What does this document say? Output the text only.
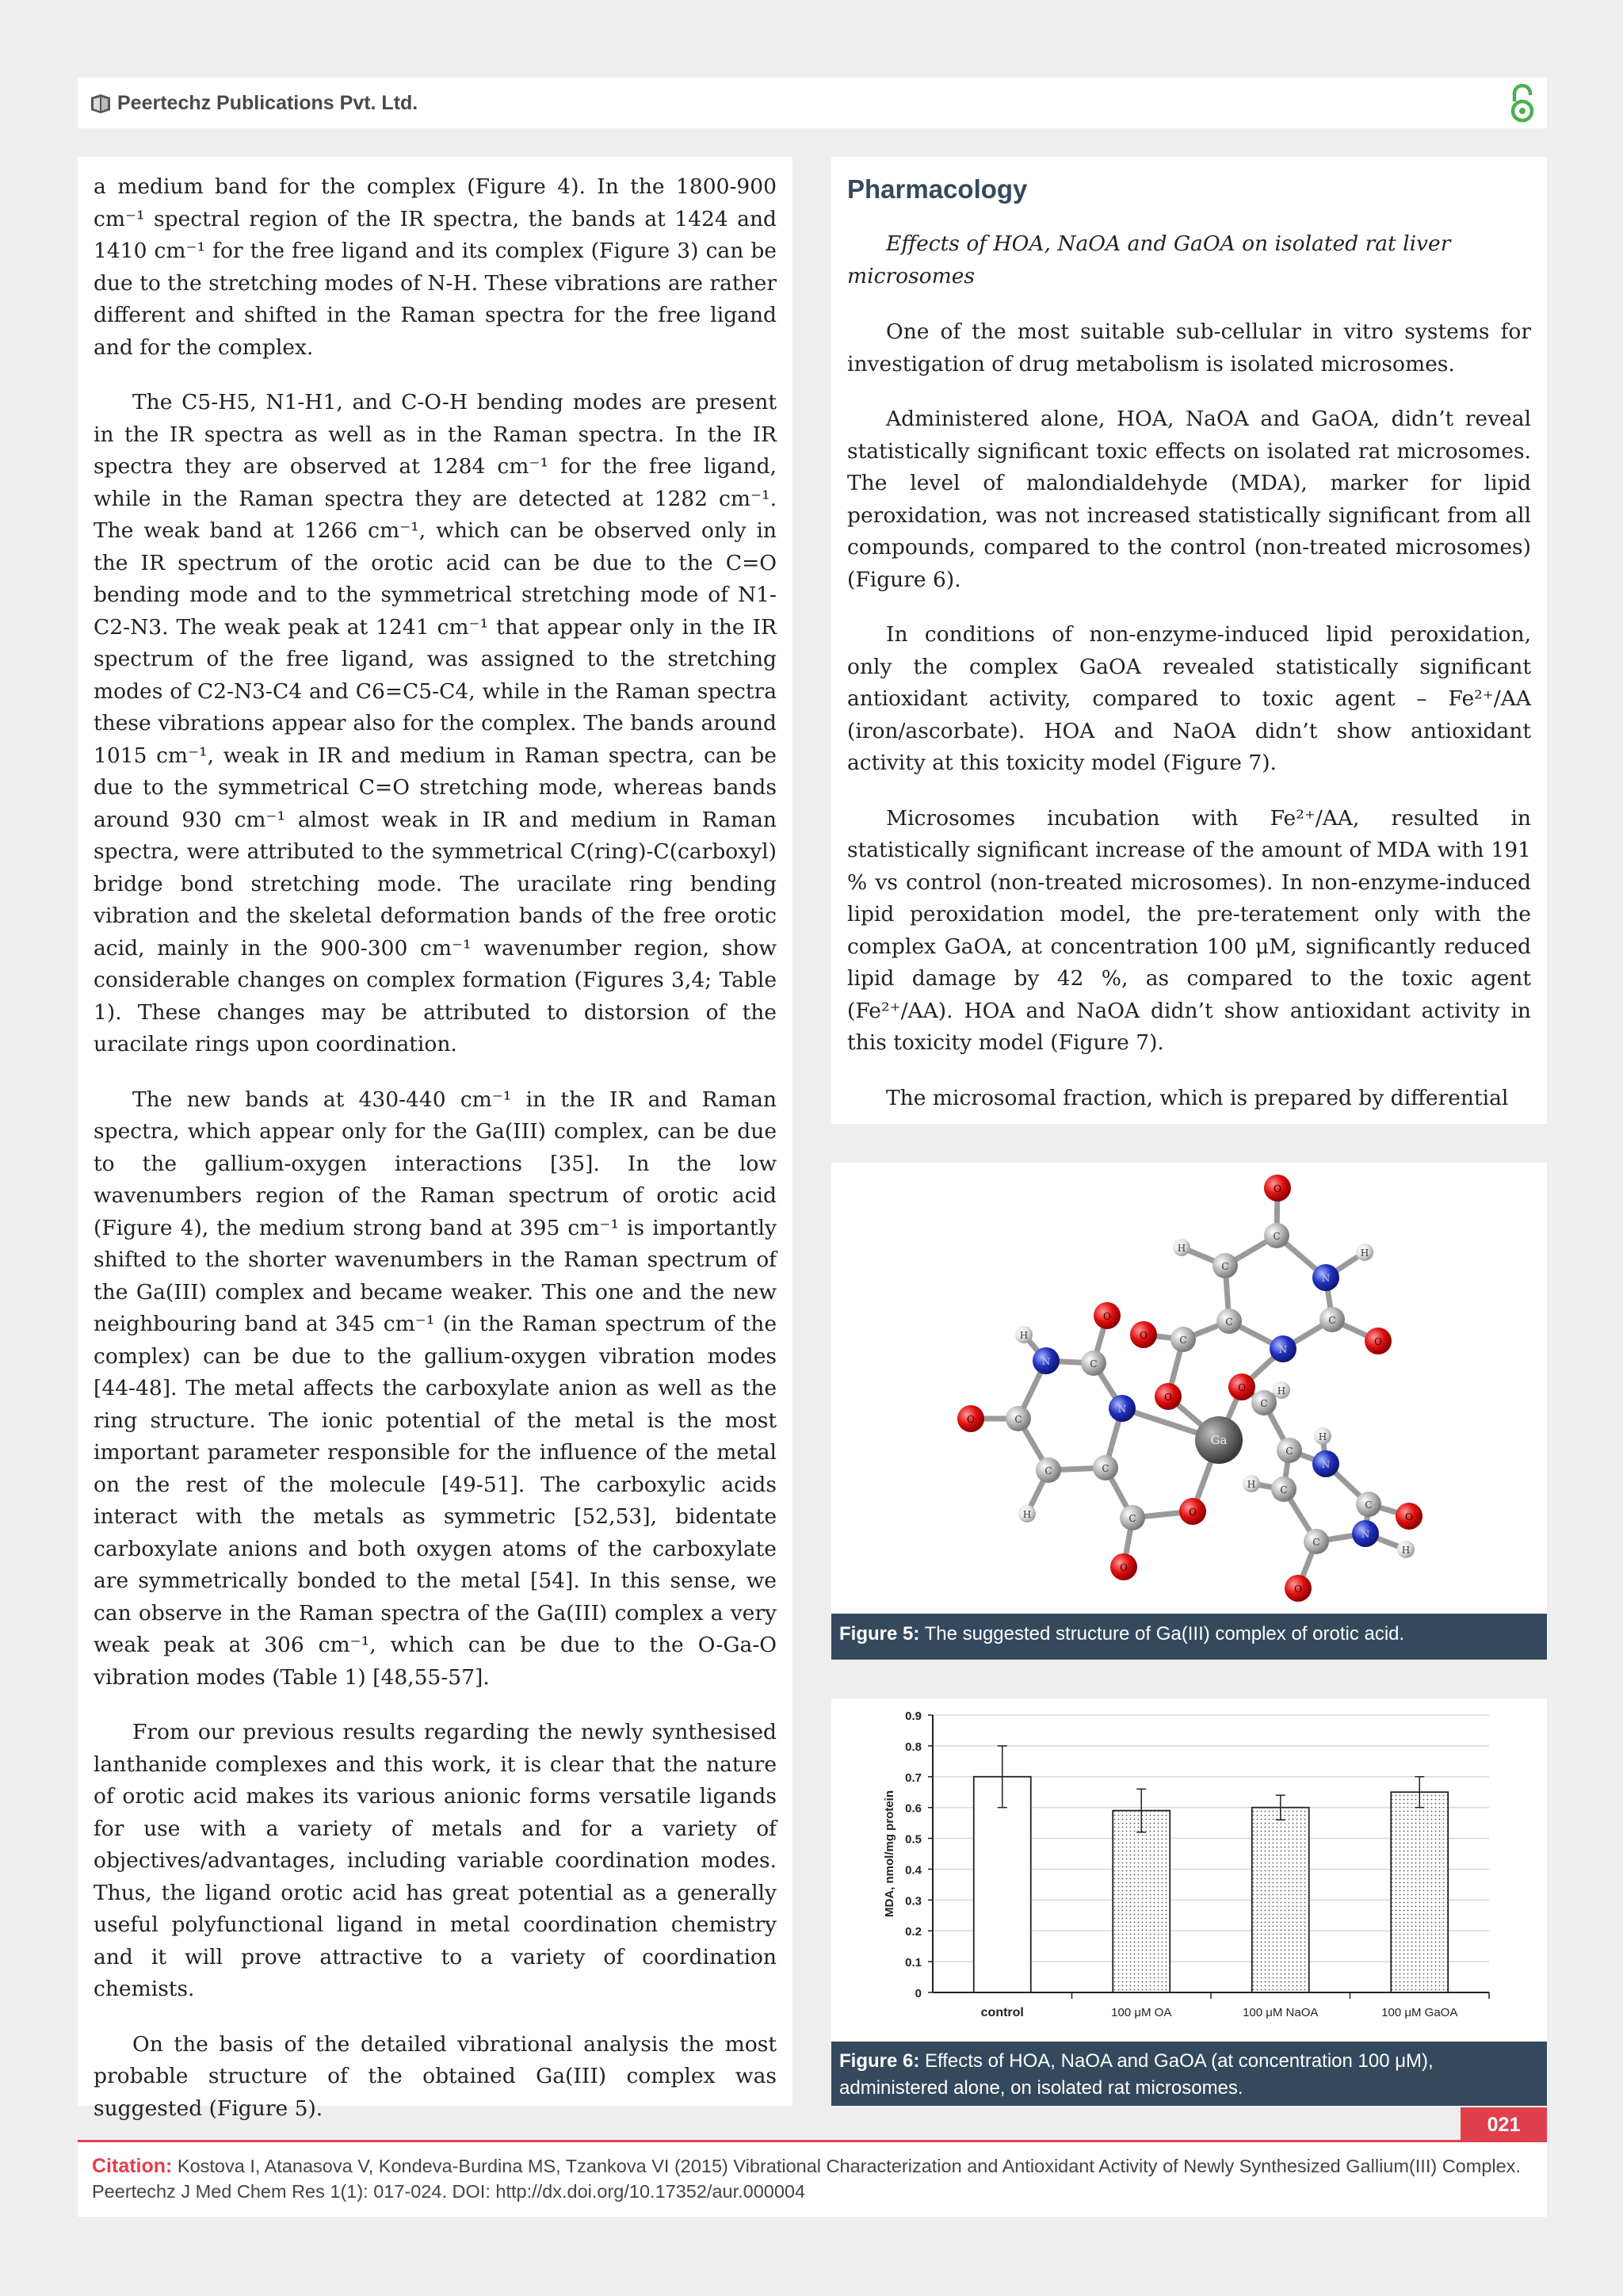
Peertechz Publications Pvt. Ltd.

a medium band for the complex (Figure 4). In the 1800-900 cm⁻¹ spectral region of the IR spectra, the bands at 1424 and 1410 cm⁻¹ for the free ligand and its complex (Figure 3) can be due to the stretching modes of N-H. These vibrations are rather different and shifted in the Raman spectra for the free ligand and for the complex.

The C5-H5, N1-H1, and C-O-H bending modes are present in the IR spectra as well as in the Raman spectra. In the IR spectra they are observed at 1284 cm⁻¹ for the free ligand, while in the Raman spectra they are detected at 1282 cm⁻¹. The weak band at 1266 cm⁻¹, which can be observed only in the IR spectrum of the orotic acid can be due to the C=O bending mode and to the symmetrical stretching mode of N1-C2-N3. The weak peak at 1241 cm⁻¹ that appear only in the IR spectrum of the free ligand, was assigned to the stretching modes of C2-N3-C4 and C6=C5-C4, while in the Raman spectra these vibrations appear also for the complex. The bands around 1015 cm⁻¹, weak in IR and medium in Raman spectra, can be due to the symmetrical C=O stretching mode, whereas bands around 930 cm⁻¹ almost weak in IR and medium in Raman spectra, were attributed to the symmetrical C(ring)-C(carboxyl) bridge bond stretching mode. The uracilate ring bending vibration and the skeletal deformation bands of the free orotic acid, mainly in the 900-300 cm⁻¹ wavenumber region, show considerable changes on complex formation (Figures 3,4; Table 1). These changes may be attributed to distorsion of the uracilate rings upon coordination.

The new bands at 430-440 cm⁻¹ in the IR and Raman spectra, which appear only for the Ga(III) complex, can be due to the gallium-oxygen interactions [35]. In the low wavenumbers region of the Raman spectrum of orotic acid (Figure 4), the medium strong band at 395 cm⁻¹ is importantly shifted to the shorter wavenumbers in the Raman spectrum of the Ga(III) complex and became weaker. This one and the new neighbouring band at 345 cm⁻¹ (in the Raman spectrum of the complex) can be due to the gallium-oxygen vibration modes [44-48]. The metal affects the carboxylate anion as well as the ring structure. The ionic potential of the metal is the most important parameter responsible for the influence of the metal on the rest of the molecule [49-51]. The carboxylic acids interact with the metals as symmetric [52,53], bidentate carboxylate anions and both oxygen atoms of the carboxylate are symmetrically bonded to the metal [54]. In this sense, we can observe in the Raman spectra of the Ga(III) complex a very weak peak at 306 cm⁻¹, which can be due to the O-Ga-O vibration modes (Table 1) [48,55-57].

From our previous results regarding the newly synthesised lanthanide complexes and this work, it is clear that the nature of orotic acid makes its various anionic forms versatile ligands for use with a variety of metals and for a variety of objectives/advantages, including variable coordination modes. Thus, the ligand orotic acid has great potential as a generally useful polyfunctional ligand in metal coordination chemistry and it will prove attractive to a variety of coordination chemists.

On the basis of the detailed vibrational analysis the most probable structure of the obtained Ga(III) complex was suggested (Figure 5).

Pharmacology
Effects of HOA, NaOA and GaOA on isolated rat liver microsomes

One of the most suitable sub-cellular in vitro systems for investigation of drug metabolism is isolated microsomes.

Administered alone, HOA, NaOA and GaOA, didn’t reveal statistically significant toxic effects on isolated rat microsomes. The level of malondialdehyde (MDA), marker for lipid peroxidation, was not increased statistically significant from all compounds, compared to the control (non-treated microsomes) (Figure 6).

In conditions of non-enzyme-induced lipid peroxidation, only the complex GaOA revealed statistically significant antioxidant activity, compared to toxic agent – Fe²⁺/AA (iron/ascorbate). HOA and NaOA didn’t show antioxidant activity at this toxicity model (Figure 7).

Microsomes incubation with Fe²⁺/AA, resulted in statistically significant increase of the amount of MDA with 191 % vs control (non-treated microsomes). In non-enzyme-induced lipid peroxidation model, the pre-teratement only with the complex GaOA, at concentration 100 μM, significantly reduced lipid damage by 42 %, as compared to the toxic agent (Fe²⁺/AA). HOA and NaOA didn’t show antioxidant activity in this toxicity model (Figure 7).

The microsomal fraction, which is prepared by differential

Ga
O
C
C
H
N
H
C
O
N
C
C
O
O
O	H
C
C
H
N
H	C
C
O
N
H
C
O
H
N	C
O
N
C
O
C	C
H	C
O
O
Figure 5: The suggested structure of Ga(III) complex of orotic acid.
0
0.1
0.2
0.3
0.4
0.5
0.6
0.7
0.8
0.9
control	100 μM OA	100 μM NaOA	100 μM GaOA
MDA, nmol/mg protein
Figure 6: Effects of HOA, NaOA and GaOA (at concentration 100 μM), administered alone, on isolated rat microsomes.
021
Citation: Kostova I, Atanasova V, Kondeva-Burdina MS, Tzankova VI (2015) Vibrational Characterization and Antioxidant Activity of Newly Synthesized Gallium(III) Complex. Peertechz J Med Chem Res 1(1): 017-024. DOI: http://dx.doi.org/10.17352/aur.000004
